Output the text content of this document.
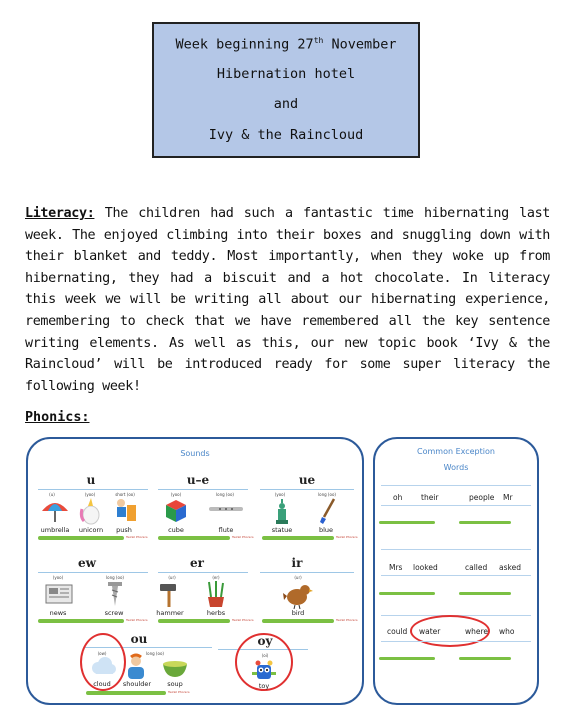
Week beginning 27th November
Hibernation hotel
and
Ivy & the Raincloud
Literacy: The children had such a fantastic time hibernating last week. The enjoyed climbing into their boxes and snuggling down with their blanket and teddy. Most importantly, when they woke up from hibernating, they had a biscuit and a hot chocolate. In literacy this week we will be writing all about our hibernating experience, remembering to check that we have remembered all the key sentence writing elements. As well as this, our new topic book ‘Ivy & the Raincloud’ will be introduced ready for some super literacy the following week!
Phonics:
Sounds
u
(u)	(yoo)	short (oo)
umbrella	unicorn	push
Twinkl Phonics
u–e
(yoo)	long (oo)
cube	flute
Twinkl Phonics
ue
(yoo)	long (oo)
statue	blue
Twinkl Phonics
ew
(yoo)	long (oo)
news	screw
Twinkl Phonics
er
(ur)	(er)
hammer	herbs
Twinkl Phonics
ir
(ur)
bird
Twinkl Phonics
ou
(ow)	long (oo)
cloud	shoulder	soup
Twinkl Phonics
oy
(oi)
toy
Common Exception
Words
oh their	people Mr
Mrs looked	called asked
could water	where who
